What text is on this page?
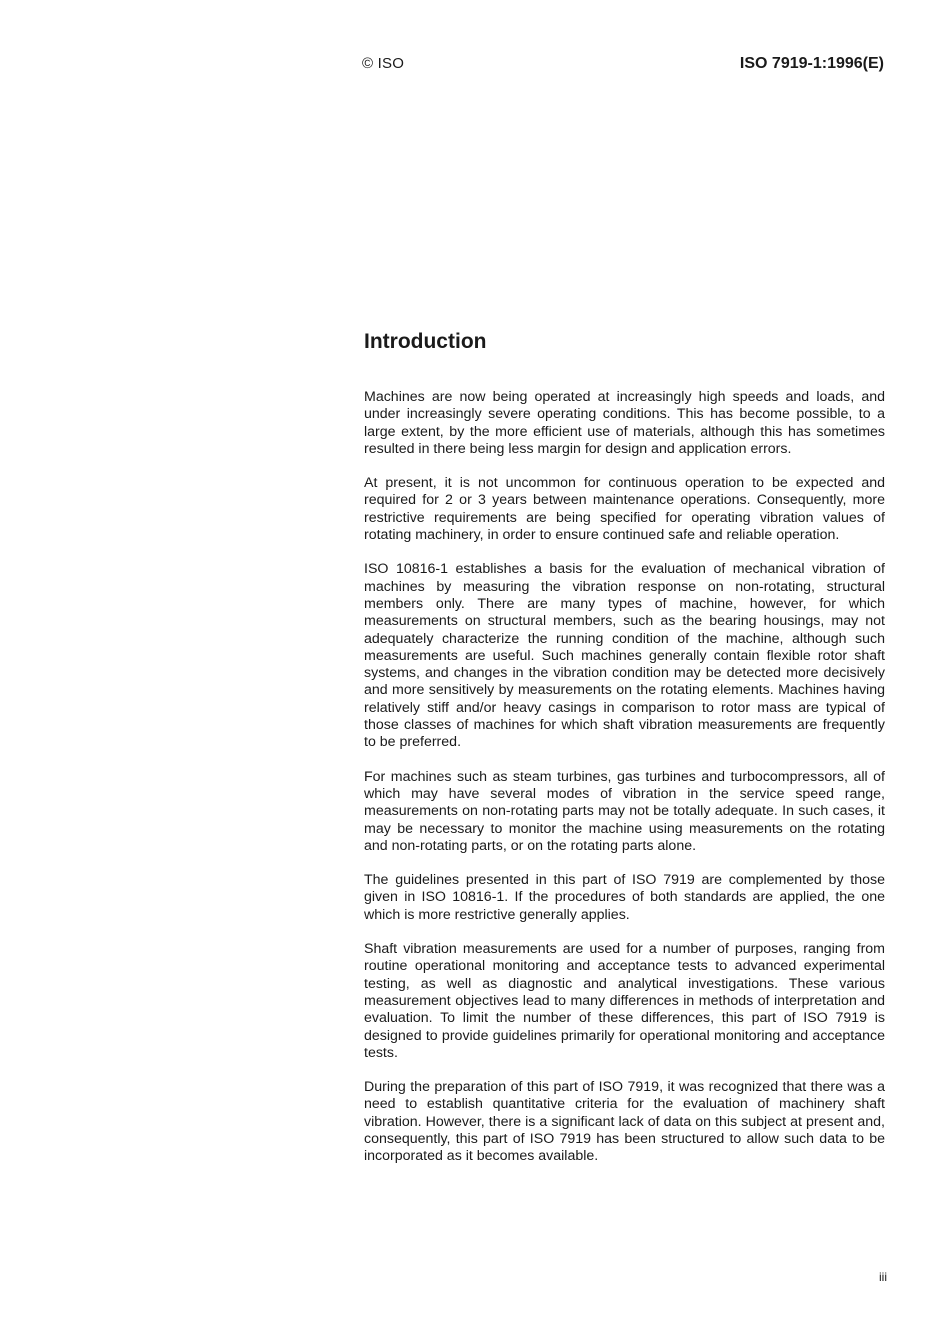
© ISO	ISO 7919-1:1996(E)
Introduction

Machines are now being operated at increasingly high speeds and loads, and under increasingly severe operating conditions. This has become possible, to a large extent, by the more efficient use of materials, although this has sometimes resulted in there being less margin for design and application errors.

At present, it is not uncommon for continuous operation to be expected and required for 2 or 3 years between maintenance operations. Consequently, more restrictive requirements are being specified for operating vibration values of rotating machinery, in order to ensure continued safe and reliable operation.

ISO 10816-1 establishes a basis for the evaluation of mechanical vibration of machines by measuring the vibration response on non-rotating, structural members only. There are many types of machine, however, for which measurements on structural members, such as the bearing housings, may not adequately characterize the running condition of the machine, although such measurements are useful. Such machines generally contain flexible rotor shaft systems, and changes in the vibration condition may be detected more decisively and more sensitively by measurements on the rotating elements. Machines having relatively stiff and/or heavy casings in comparison to rotor mass are typical of those classes of machines for which shaft vibration measurements are frequently to be preferred.

For machines such as steam turbines, gas turbines and turbocompressors, all of which may have several modes of vibration in the service speed range, measurements on non-rotating parts may not be totally adequate. In such cases, it may be necessary to monitor the machine using measurements on the rotating and non-rotating parts, or on the rotating parts alone.

The guidelines presented in this part of ISO 7919 are complemented by those given in ISO 10816-1. If the procedures of both standards are applied, the one which is more restrictive generally applies.

Shaft vibration measurements are used for a number of purposes, ranging from routine operational monitoring and acceptance tests to advanced experimental testing, as well as diagnostic and analytical investigations. These various measurement objectives lead to many differences in methods of interpretation and evaluation. To limit the number of these differences, this part of ISO 7919 is designed to provide guidelines primarily for operational monitoring and acceptance tests.

During the preparation of this part of ISO 7919, it was recognized that there was a need to establish quantitative criteria for the evaluation of machinery shaft vibration. However, there is a significant lack of data on this subject at present and, consequently, this part of ISO 7919 has been structured to allow such data to be incorporated as it becomes available.

iii
